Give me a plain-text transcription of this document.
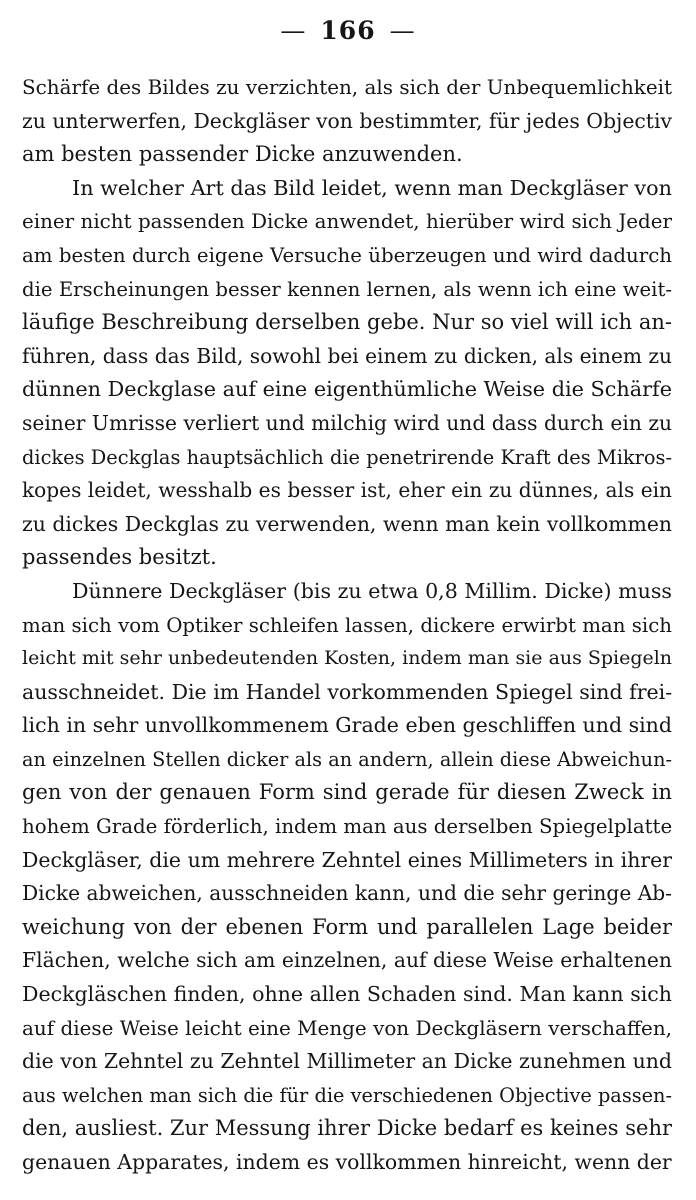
— 166 —
Schärfe des Bildes zu verzichten, als sich der Unbequemlichkeit
zu unterwerfen, Deckgläser von bestimmter, für jedes Objectiv
am besten passender Dicke anzuwenden.
In welcher Art das Bild leidet, wenn man Deckgläser von
einer nicht passenden Dicke anwendet, hierüber wird sich Jeder
am besten durch eigene Versuche überzeugen und wird dadurch
die Erscheinungen besser kennen lernen, als wenn ich eine weit-
läufige Beschreibung derselben gebe. Nur so viel will ich an-
führen, dass das Bild, sowohl bei einem zu dicken, als einem zu
dünnen Deckglase auf eine eigenthümliche Weise die Schärfe
seiner Umrisse verliert und milchig wird und dass durch ein zu
dickes Deckglas hauptsächlich die penetrirende Kraft des Mikros-
kopes leidet, wesshalb es besser ist, eher ein zu dünnes, als ein
zu dickes Deckglas zu verwenden, wenn man kein vollkommen
passendes besitzt.
Dünnere Deckgläser (bis zu etwa 0,8 Millim. Dicke) muss
man sich vom Optiker schleifen lassen, dickere erwirbt man sich
leicht mit sehr unbedeutenden Kosten, indem man sie aus Spiegeln
ausschneidet. Die im Handel vorkommenden Spiegel sind frei-
lich in sehr unvollkommenem Grade eben geschliffen und sind
an einzelnen Stellen dicker als an andern, allein diese Abweichun-
gen von der genauen Form sind gerade für diesen Zweck in
hohem Grade förderlich, indem man aus derselben Spiegelplatte
Deckgläser, die um mehrere Zehntel eines Millimeters in ihrer
Dicke abweichen, ausschneiden kann, und die sehr geringe Ab-
weichung von der ebenen Form und parallelen Lage beider
Flächen, welche sich am einzelnen, auf diese Weise erhaltenen
Deckgläschen finden, ohne allen Schaden sind. Man kann sich
auf diese Weise leicht eine Menge von Deckgläsern verschaffen,
die von Zehntel zu Zehntel Millimeter an Dicke zunehmen und
aus welchen man sich die für die verschiedenen Objective passen-
den, ausliest. Zur Messung ihrer Dicke bedarf es keines sehr
genauen Apparates, indem es vollkommen hinreicht, wenn der
